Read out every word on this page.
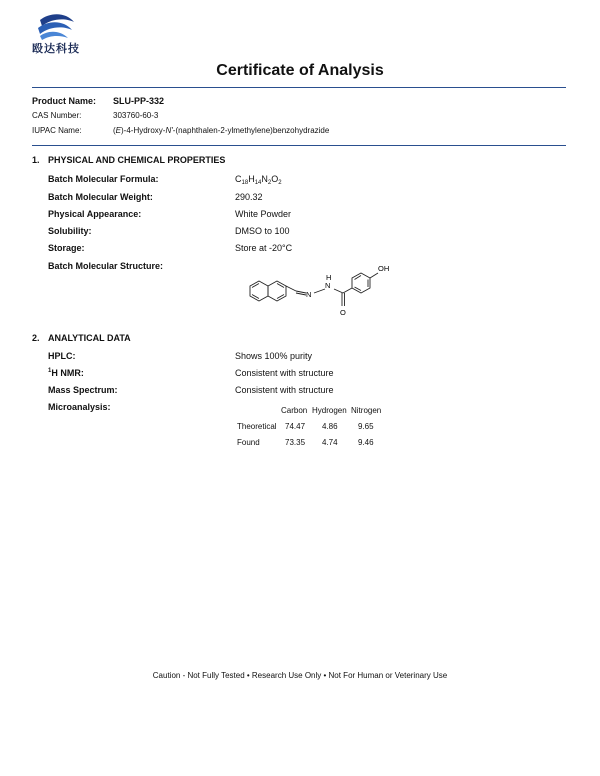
殴达科技
Certificate of Analysis
Product Name: SLU-PP-332
CAS Number:	303760-60-3
IUPAC Name:	(E)-4-Hydroxy-N'-(naphthalen-2-ylmethylene)benzohydrazide
1. PHYSICAL AND CHEMICAL PROPERTIES
Batch Molecular Formula:	$C_{18}H_{14}N_2O_2$
Batch Molecular Weight:	290.32
Physical Appearance:	White Powder
Solubility:	DMSO to 100
Storage:	Store at -20°C
Batch Molecular Structure:
N
N
H
O
OH
2. ANALYTICAL DATA
HPLC:	Shows 100% purity
$^1$H NMR:	Consistent with structure
Mass Spectrum:	Consistent with structure
Microanalysis:	Carbon Hydrogen Nitrogen
Theoretical 74.47 4.86	9.65
Found	73.35 4.74	9.46
Caution - Not Fully Tested • Research Use Only • Not For Human or Veterinary Use
